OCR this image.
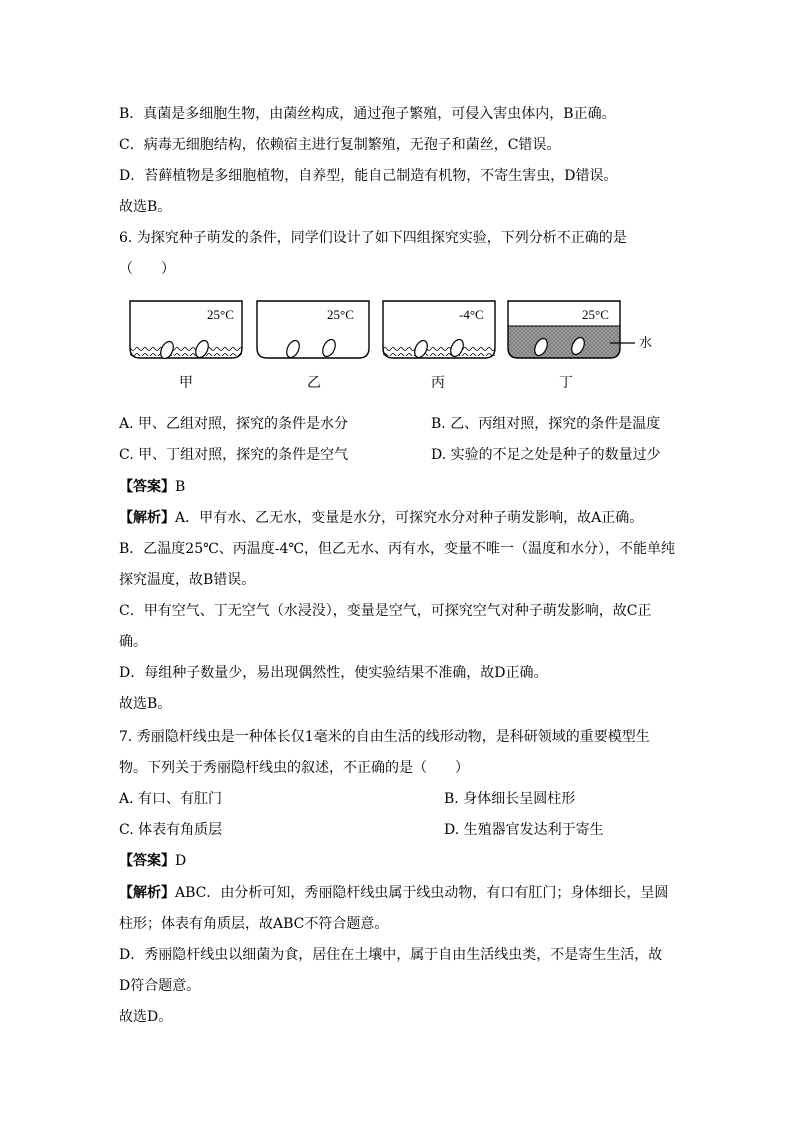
B．真菌是多细胞生物，由菌丝构成，通过孢子繁殖，可侵入害虫体内，B正确。
C．病毒无细胞结构，依赖宿主进行复制繁殖，无孢子和菌丝，C错误。
D．苔藓植物是多细胞植物，自养型，能自己制造有机物，不寄生害虫，D错误。
故选B。
6. 为探究种子萌发的条件，同学们设计了如下四组探究实验，下列分析不正确的是
（　　）
25°C
甲
25°C
乙
-4°C
丙
25°C
水
丁
A. 甲、乙组对照，探究的条件是水分	B. 乙、丙组对照，探究的条件是温度
C. 甲、丁组对照，探究的条件是空气	D. 实验的不足之处是种子的数量过少
【答案】B
【解析】A．甲有水、乙无水，变量是水分，可探究水分对种子萌发影响，故A正确。
B．乙温度25℃、丙温度-4℃，但乙无水、丙有水，变量不唯一（温度和水分），不能单纯
探究温度，故B错误。
C．甲有空气、丁无空气（水浸没），变量是空气，可探究空气对种子萌发影响，故C正
确。
D．每组种子数量少，易出现偶然性，使实验结果不准确，故D正确。
故选B。
7. 秀丽隐杆线虫是一种体长仅1毫米的自由生活的线形动物，是科研领域的重要模型生
物。下列关于秀丽隐杆线虫的叙述，不正确的是（　　）
A. 有口、有肛门	B. 身体细长呈圆柱形
C. 体表有角质层	D. 生殖器官发达利于寄生
【答案】D
【解析】ABC．由分析可知，秀丽隐杆线虫属于线虫动物，有口有肛门；身体细长，呈圆
柱形；体表有角质层，故ABC不符合题意。
D．秀丽隐杆线虫以细菌为食，居住在土壤中，属于自由生活线虫类，不是寄生生活，故
D符合题意。
故选D。
